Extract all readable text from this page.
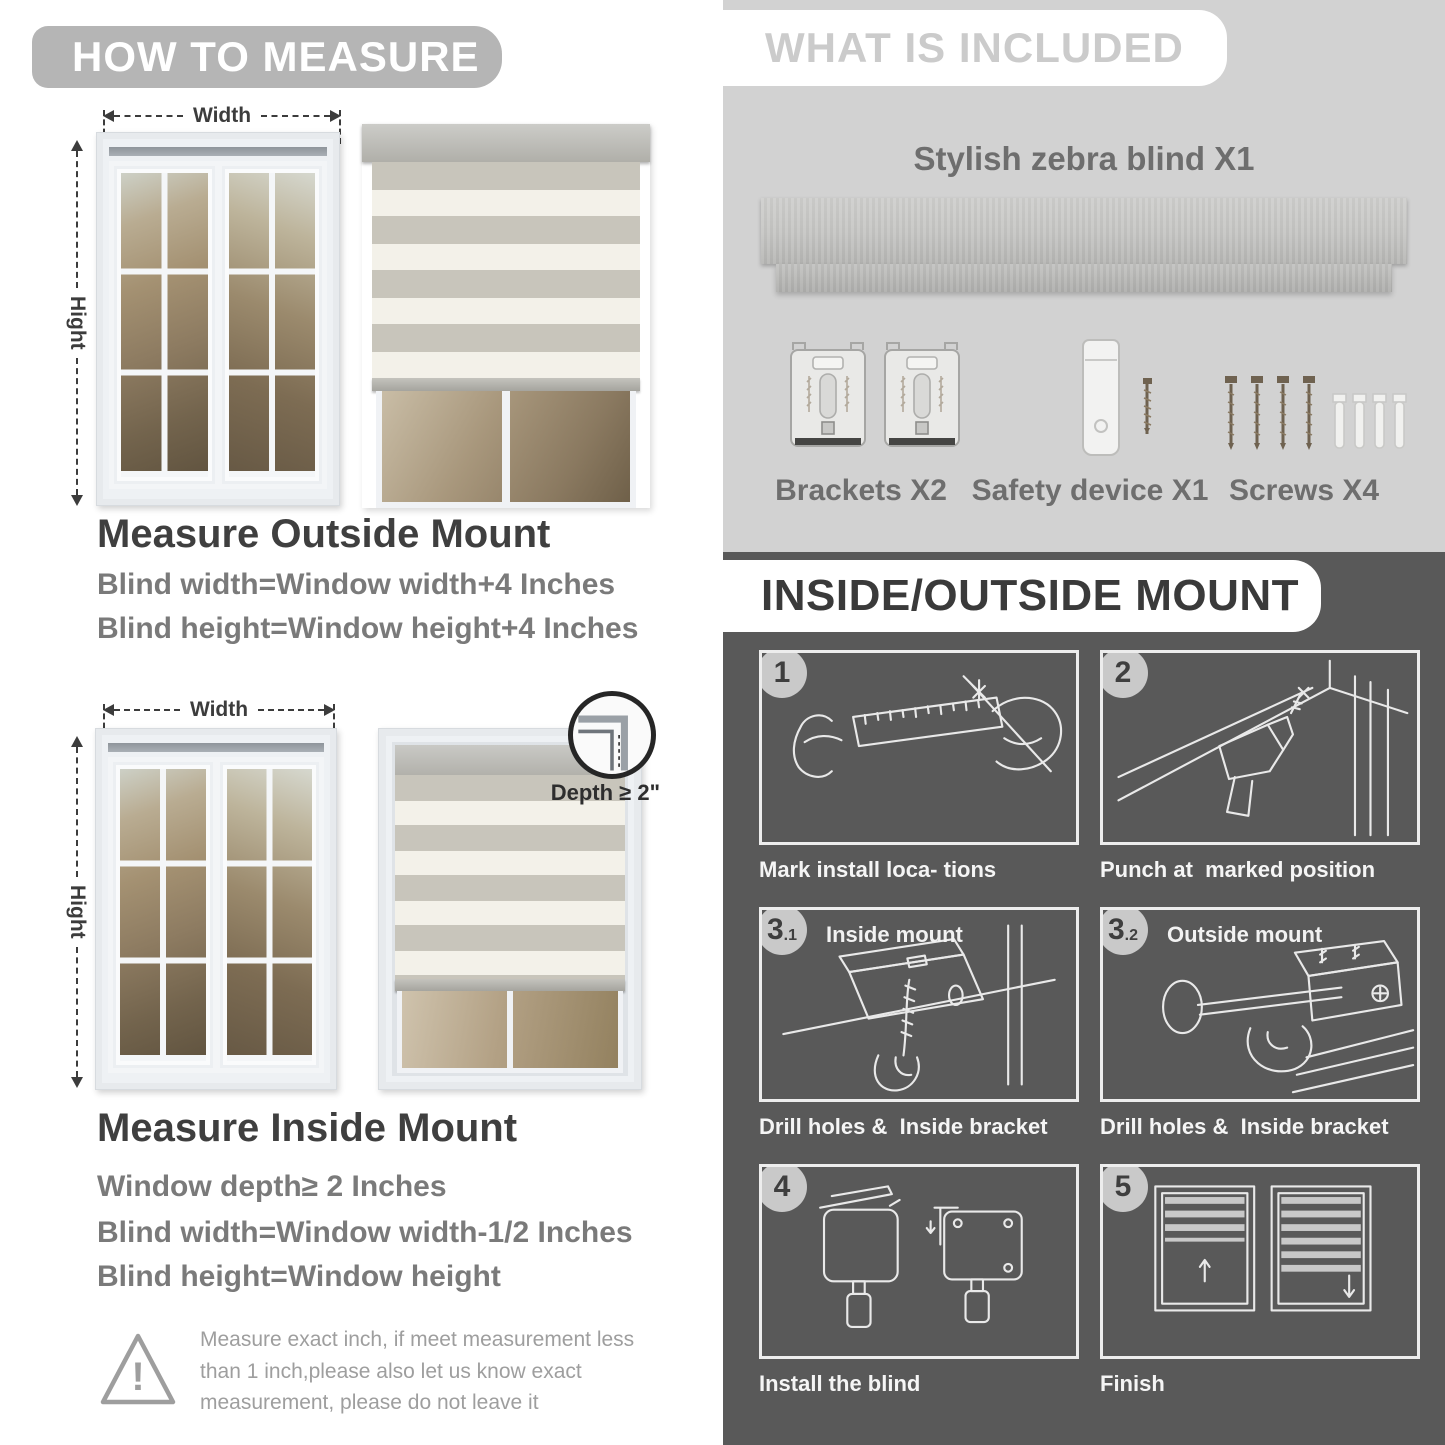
HOW TO MEASURE
Width
Hight
Measure Outside Mount
Blind width=Window width+4 Inches
Blind height=Window height+4 Inches
Width
Hight
Depth ≥ 2"
Measure Inside Mount
Window depth≥ 2 Inches
Blind width=Window width-1/2 Inches
Blind height=Window height
!
Measure exact inch, if meet measurement less than 1 inch,please also let us know exact measurement, please do not leave it
WHAT IS INCLUDED
Stylish zebra blind X1
Brackets X2 Safety device X1 Screws X4
INSIDE/OUTSIDE MOUNT
1
Mark install loca- tions
2
Punch at  marked position
3 .1 Inside mount
Drill holes &  Inside bracket
3 .2 Outside mount
Drill holes &  Inside bracket
4
Install the blind
5
Finish
